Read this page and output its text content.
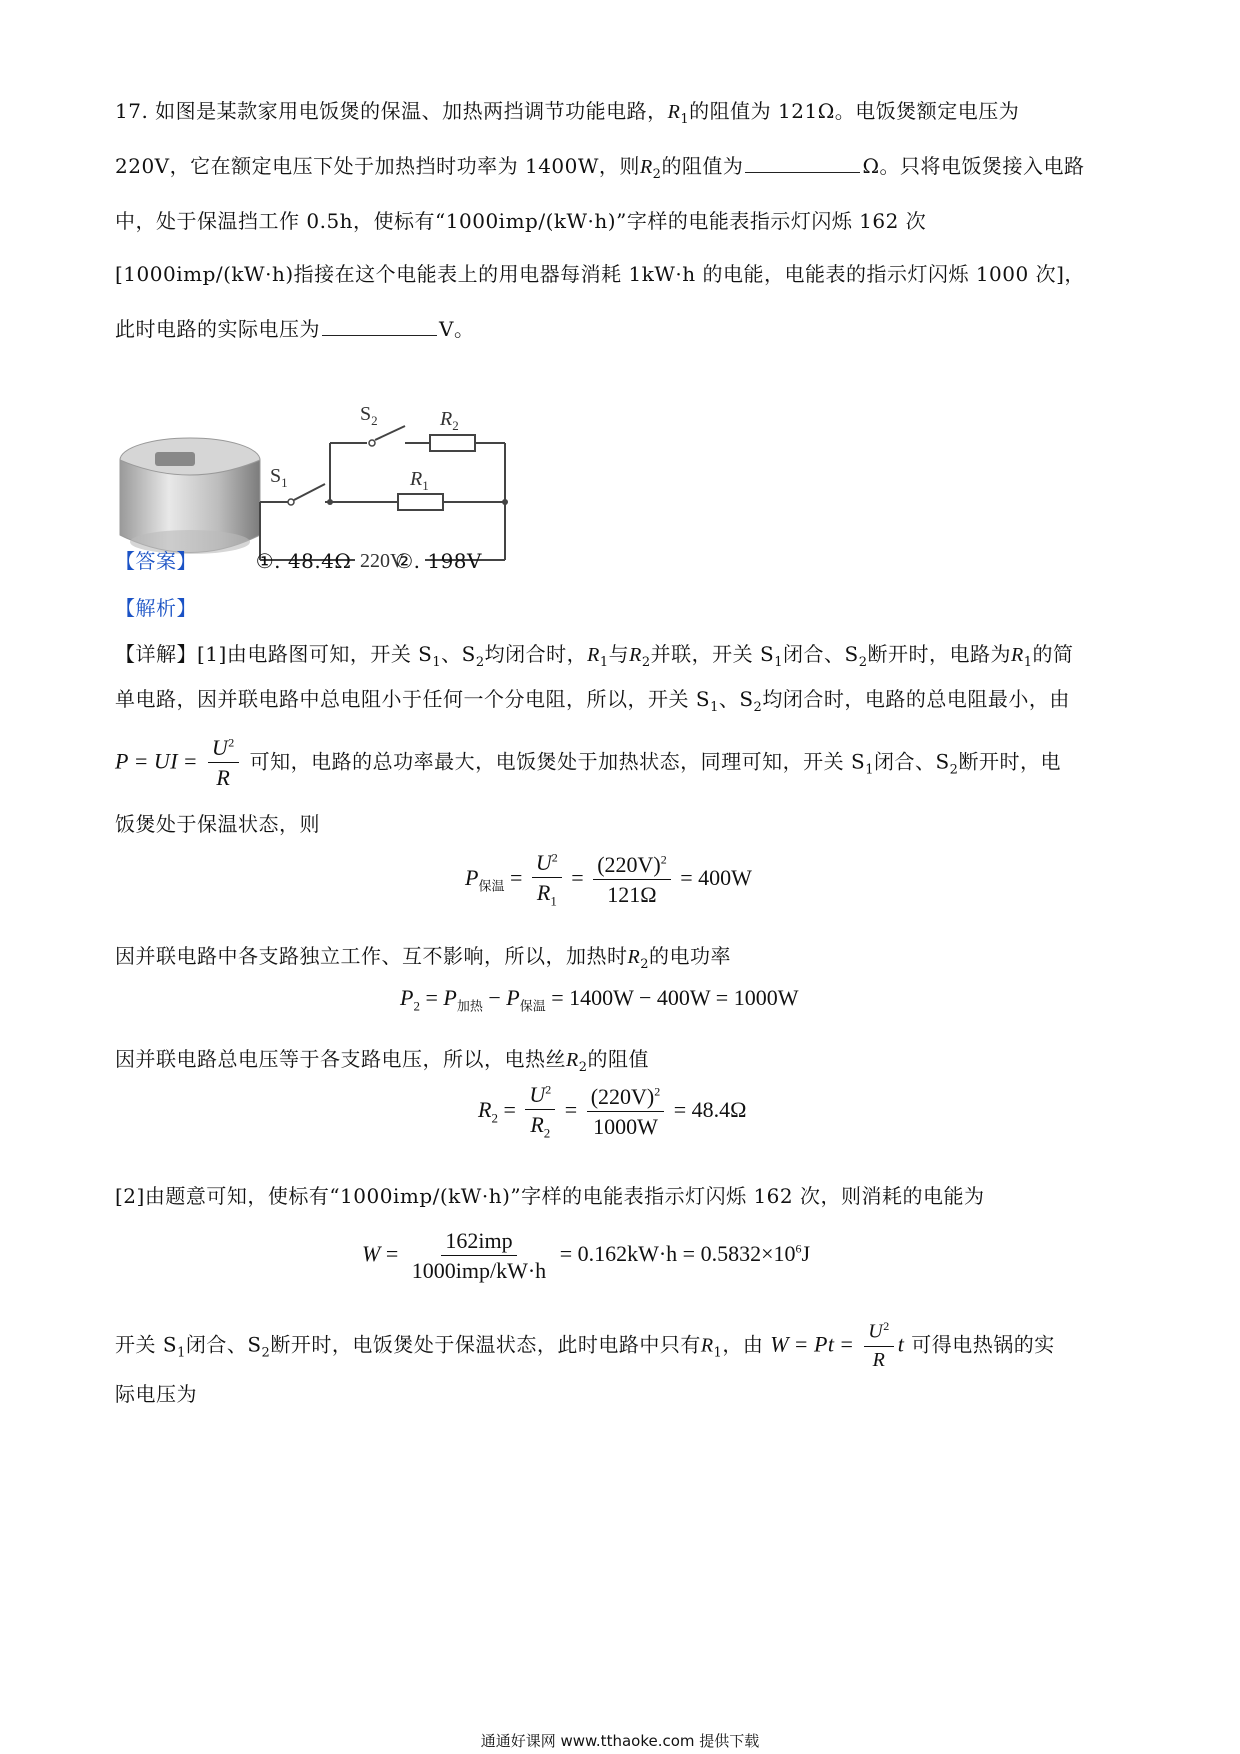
17. 如图是某款家用电饭煲的保温、加热两挡调节功能电路，$R_1$的阻值为 121Ω。电饭煲额定电压为
220V，它在额定电压下处于加热挡时功率为 1400W，则$R_2$的阻值为	Ω。只将电饭煲接入电路
中，处于保温挡工作 0.5h，使标有“1000imp/(kW·h)”字样的电能表指示灯闪烁 162 次
[1000imp/(kW·h)指接在这个电能表上的用电器每消耗 1kW·h 的电能，电能表的指示灯闪烁 1000 次]，
此时电路的实际电压为	V。
$S_2$	$R_2$
$S_1$	$R_1$
220V
【答案】	①. 48.4Ω ②. 198V
【解析】
【详解】[1]由电路图可知，开关 $S_1$、$S_2$均闭合时，$R_1$与$R_2$并联，开关 $S_1$闭合、$S_2$断开时，电路为$R_1$的简
单电路，因并联电路中总电阻小于任何一个分电阻，所以，开关 $S_1$、$S_2$均闭合时，电路的总电阻最小，由
P = UI = $\frac{U^2}{R}$ 可知，电路的总功率最大，电饭煲处于加热状态，同理可知，开关 $S_1$闭合、$S_2$断开时，电
饭煲处于保温状态，则
$P_{保温} = \frac{U^2}{R_1} = \frac{(220V)^2}{121\Omega} = 400W$
因并联电路中各支路独立工作、互不影响，所以，加热时$R_2$的电功率
$P_2 = P_{加热} - P_{保温} = 1400W - 400W = 1000W$
因并联电路总电压等于各支路电压，所以，电热丝$R_2$的阻值
$R_2 = \frac{U^2}{R_2} = \frac{(220V)^2}{1000W} = 48.4\Omega$
[2]由题意可知，使标有“1000imp/(kW·h)”字样的电能表指示灯闪烁 162 次，则消耗的电能为
$W = \frac{\text{162imp}}{\text{1000imp/kW·h}} = 0.162kW\cdot h = 0.5832\times 10^6J$
开关 $S_1$闭合、$S_2$断开时，电饭煲处于保温状态，此时电路中只有$R_1$，由 $W = Pt = \frac{U^2}{R}$ t 可得电热锅的实
际电压为
通通好课网 www.tthaoke.com 提供下载
